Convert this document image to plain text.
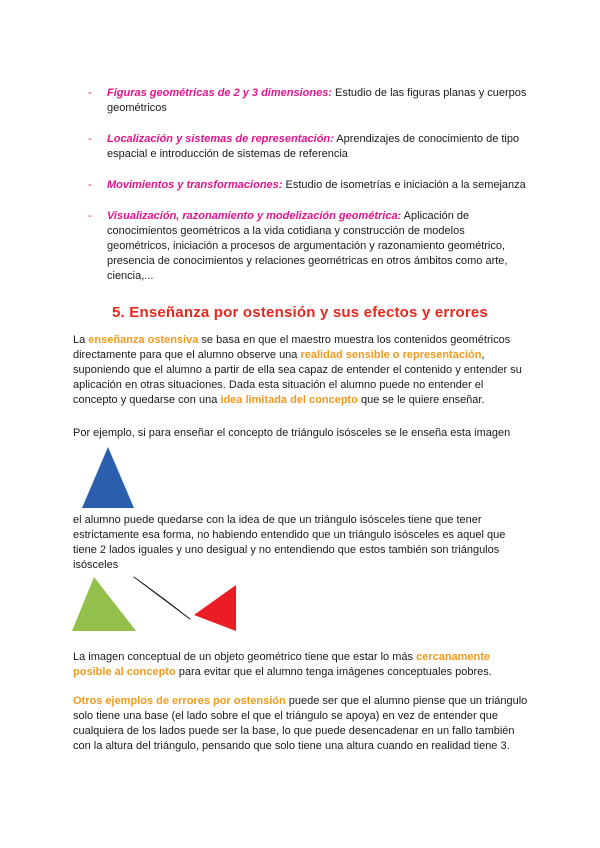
-	Figuras geométricas de 2 y 3 dimensiones: Estudio de las figuras planas y cuerpos geométricos
-	Localización y sistemas de representación: Aprendizajes de conocimiento de tipo espacial e introducción de sistemas de referencia
-	Movimientos y transformaciones: Estudio de isometrías e iniciación a la semejanza
-	Visualización, razonamiento y modelización geométrica: Aplicación de conocimientos geométricos a la vida cotidiana y construcción de modelos geométricos, iniciación a procesos de argumentación y razonamiento geométrico, presencia de conocimientos y relaciones geométricas en otros ámbitos como arte, ciencia,...
5. Enseñanza por ostensión y sus efectos y errores

La enseñanza ostensiva se basa en que el maestro muestra los contenidos geométricos directamente para que el alumno observe una realidad sensible o representación, suponiendo que el alumno a partir de ella sea capaz de entender el contenido y entender su aplicación en otras situaciones. Dada esta situación el alumno puede no entender el concepto y quedarse con una idea limitada del concepto que se le quiere enseñar.

Por ejemplo, si para enseñar el concepto de triángulo isósceles se le enseña esta imagen

el alumno puede quedarse con la idea de que un triángulo isósceles tiene que tener estrictamente esa forma, no habiendo entendido que un triángulo isósceles es aquel que tiene 2 lados iguales y uno desigual y no entendiendo que estos también son triángulos isósceles

La imagen conceptual de un objeto geométrico tiene que estar lo más cercanamente posible al concepto para evitar que el alumno tenga imágenes conceptuales pobres.

Otros ejemplos de errores por ostensión puede ser que el alumno piense que un triángulo solo tiene una base (el lado sobre el que el triángulo se apoya) en vez de entender que cualquiera de los lados puede ser la base, lo que puede desencadenar en un fallo también con la altura del triángulo, pensando que solo tiene una altura cuando en realidad tiene 3.
